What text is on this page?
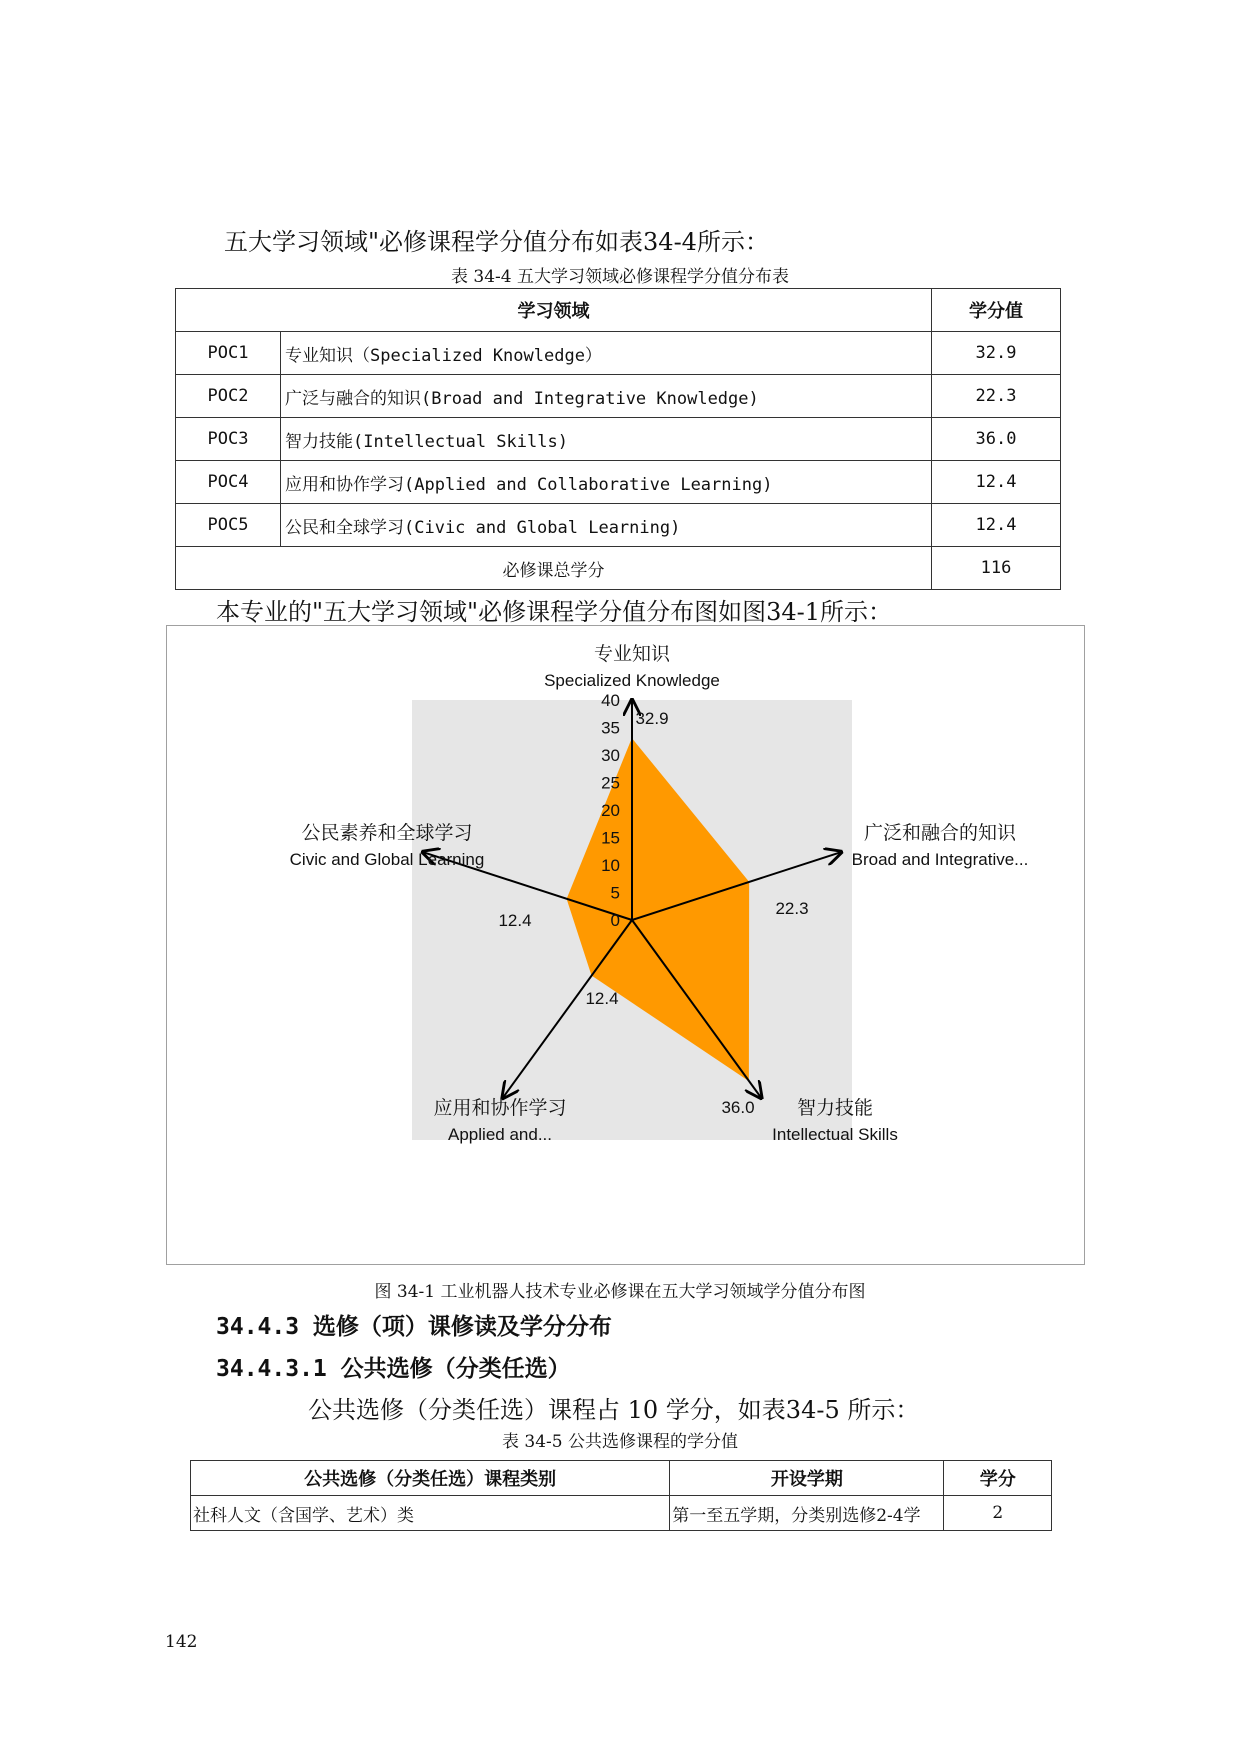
五大学习领域"必修课程学分值分布如表34-4所示：
表 34-4 五大学习领域必修课程学分值分布表
学习领域		学分值
POC1	专业知识（Specialized Knowledge）	32.9
POC2	广泛与融合的知识(Broad and Integrative Knowledge)	22.3
POC3	智力技能(Intellectual Skills)	36.0
POC4	应用和协作学习(Applied and Collaborative Learning)	12.4
POC5	公民和全球学习(Civic and Global Learning)	12.4
必修课总学分		116
本专业的"五大学习领域"必修课程学分值分布图如图34-1所示：
0
5
10
15
20
25
30
35
40
专业知识
Specialized Knowledge
广泛和融合的知识
Broad and Integrative...
智力技能
Intellectual Skills
应用和协作学习
Applied and...
公民素养和全球学习
Civic and Global Learning
32.9
22.3
36.0
12.4
12.4
图 34-1 工业机器人技术专业必修课在五大学习领域学分值分布图
34.4.3 选修（项）课修读及学分分布
34.4.3.1 公共选修（分类任选）
公共选修（分类任选）课程占 10 学分，如表34-5 所示：
表 34-5 公共选修课程的学分值
公共选修（分类任选）课程类别	开设学期	学分
社科人文（含国学、艺术）类	第一至五学期，分类别选修2-4学	2
142
